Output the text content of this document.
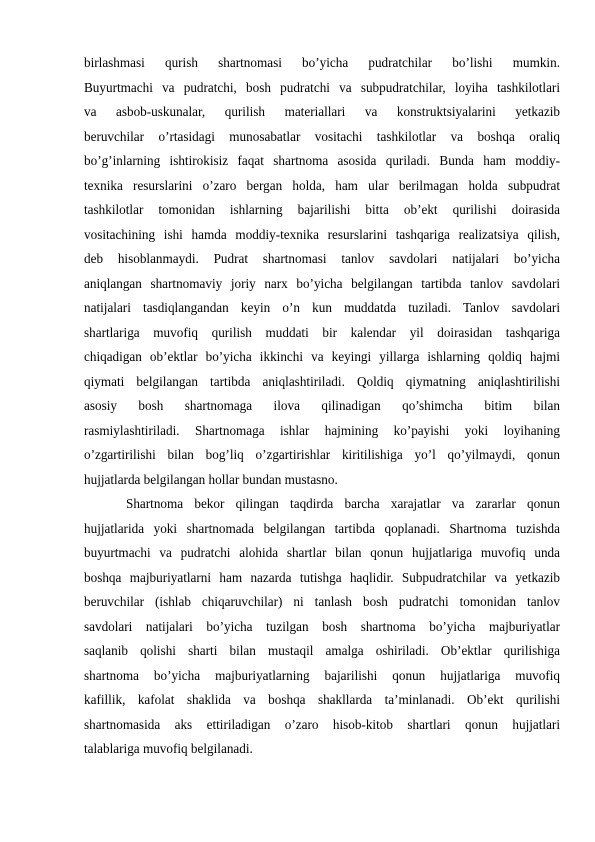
birlashmasi qurish shartnomasi bo’yicha pudratchilar bo’lishi mumkin.
Buyurtmachi va pudratchi, bosh pudratchi va subpudratchilar, loyiha tashkilotlari
va asbob-uskunalar, qurilish materiallari va konstruktsiyalarini yetkazib
beruvchilar o’rtasidagi munosabatlar vositachi tashkilotlar va boshqa oraliq
bo’g’inlarning ishtirokisiz faqat shartnoma asosida quriladi. Bunda ham moddiy-
texnika resurslarini o’zaro bergan holda, ham ular berilmagan holda subpudrat
tashkilotlar tomonidan ishlarning bajarilishi bitta ob’ekt qurilishi doirasida
vositachining ishi hamda moddiy-texnika resurslarini tashqariga realizatsiya qilish,
deb hisoblanmaydi. Pudrat shartnomasi tanlov savdolari natijalari bo’yicha
aniqlangan shartnomaviy joriy narx bo’yicha belgilangan tartibda tanlov savdolari
natijalari tasdiqlangandan keyin o’n kun muddatda tuziladi. Tanlov savdolari
shartlariga muvofiq qurilish muddati bir kalendar yil doirasidan tashqariga
chiqadigan ob’ektlar bo’yicha ikkinchi va keyingi yillarga ishlarning qoldiq hajmi
qiymati belgilangan tartibda aniqlashtiriladi. Qoldiq qiymatning aniqlashtirilishi
asosiy bosh shartnomaga ilova qilinadigan qo’shimcha bitim bilan
rasmiylashtiriladi. Shartnomaga ishlar hajmining ko’payishi yoki loyihaning
o’zgartirilishi bilan bog’liq o’zgartirishlar kiritilishiga yo’l qo’yilmaydi, qonun
hujjatlarda belgilangan hollar bundan mustasno.
Shartnoma bekor qilingan taqdirda barcha xarajatlar va zararlar qonun
hujjatlarida yoki shartnomada belgilangan tartibda qoplanadi. Shartnoma tuzishda
buyurtmachi va pudratchi alohida shartlar bilan qonun hujjatlariga muvofiq unda
boshqa majburiyatlarni ham nazarda tutishga haqlidir. Subpudratchilar va yetkazib
beruvchilar (ishlab chiqaruvchilar) ni tanlash bosh pudratchi tomonidan tanlov
savdolari natijalari bo’yicha tuzilgan bosh shartnoma bo’yicha majburiyatlar
saqlanib qolishi sharti bilan mustaqil amalga oshiriladi. Ob’ektlar qurilishiga
shartnoma bo’yicha majburiyatlarning bajarilishi qonun hujjatlariga muvofiq
kafillik, kafolat shaklida va boshqa shakllarda ta’minlanadi. Ob’ekt qurilishi
shartnomasida aks ettiriladigan o’zaro hisob-kitob shartlari qonun hujjatlari
talablariga muvofiq belgilanadi.
